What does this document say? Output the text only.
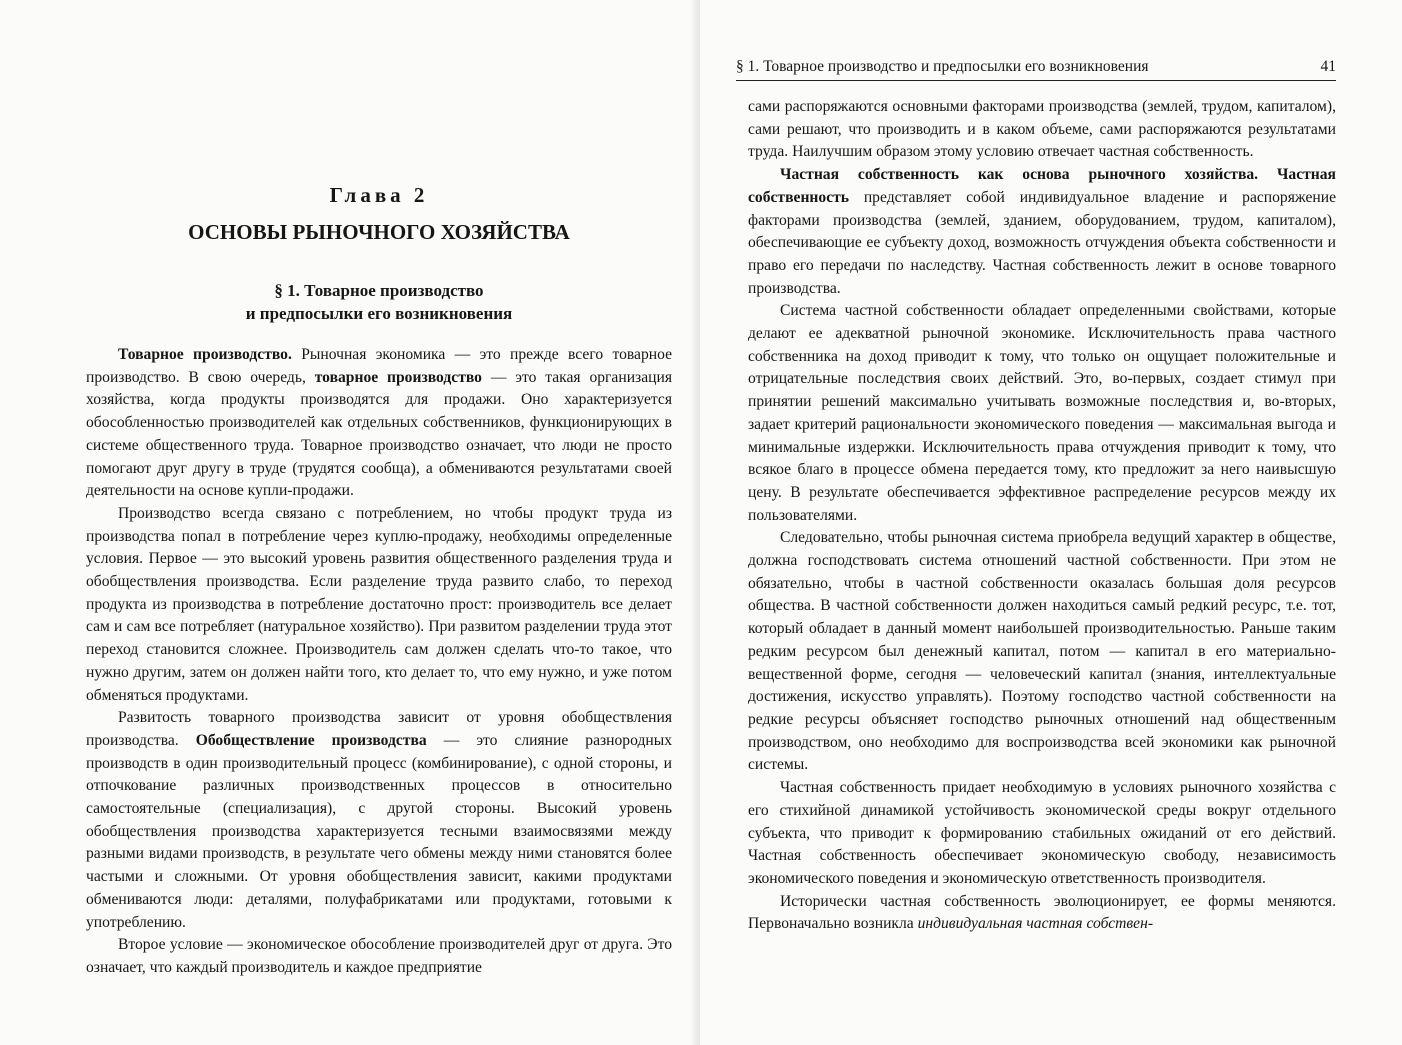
Глава 2
ОСНОВЫ РЫНОЧНОГО ХОЗЯЙСТВА
§ 1. Товарное производство
и предпосылки его возникновения

Товарное производство. Рыночная экономика — это прежде всего товарное производство. В свою очередь, товарное производство — это такая организация хозяйства, когда продукты производятся для продажи. Оно характеризуется обособленностью производителей как отдельных собственников, функционирующих в системе общественного труда. Товарное производство означает, что люди не просто помогают друг другу в труде (трудятся сообща), а обмениваются результатами своей деятельности на основе купли-продажи.

Производство всегда связано с потреблением, но чтобы продукт труда из производства попал в потребление через куплю-продажу, необходимы определенные условия. Первое — это высокий уровень развития общественного разделения труда и обобществления производства. Если разделение труда развито слабо, то переход продукта из производства в потребление достаточно прост: производитель все делает сам и сам все потребляет (натуральное хозяйство). При развитом разделении труда этот переход становится сложнее. Производитель сам должен сделать что-то такое, что нужно другим, затем он должен найти того, кто делает то, что ему нужно, и уже потом обменяться продуктами.

Развитость товарного производства зависит от уровня обобществления производства. Обобществление производства — это слияние разнородных производств в один производительный процесс (комбинирование), с одной стороны, и отпочкование различных производственных процессов в относительно самостоятельные (специализация), с другой стороны. Высокий уровень обобществления производства характеризуется тесными взаимосвязями между разными видами производств, в результате чего обмены между ними становятся более частыми и сложными. От уровня обобществления зависит, какими продуктами обмениваются люди: деталями, полуфабрикатами или продуктами, готовыми к употреблению.

Второе условие — экономическое обособление производителей друг от друга. Это означает, что каждый производитель и каждое предприятие

§ 1. Товарное производство и предпосылки его возникновения	41

сами распоряжаются основными факторами производства (землей, трудом, капиталом), сами решают, что производить и в каком объеме, сами распоряжаются результатами труда. Наилучшим образом этому условию отвечает частная собственность.

Частная собственность как основа рыночного хозяйства. Частная собственность представляет собой индивидуальное владение и распоряжение факторами производства (землей, зданием, оборудованием, трудом, капиталом), обеспечивающие ее субъекту доход, возможность отчуждения объекта собственности и право его передачи по наследству. Частная собственность лежит в основе товарного производства.

Система частной собственности обладает определенными свойствами, которые делают ее адекватной рыночной экономике. Исключительность права частного собственника на доход приводит к тому, что только он ощущает положительные и отрицательные последствия своих действий. Это, во-первых, создает стимул при принятии решений максимально учитывать возможные последствия и, во-вторых, задает критерий рациональности экономического поведения — максимальная выгода и минимальные издержки. Исключительность права отчуждения приводит к тому, что всякое благо в процессе обмена передается тому, кто предложит за него наивысшую цену. В результате обеспечивается эффективное распределение ресурсов между их пользователями.

Следовательно, чтобы рыночная система приобрела ведущий характер в обществе, должна господствовать система отношений частной собственности. При этом не обязательно, чтобы в частной собственности оказалась большая доля ресурсов общества. В частной собственности должен находиться самый редкий ресурс, т.е. тот, который обладает в данный момент наибольшей производительностью. Раньше таким редким ресурсом был денежный капитал, потом — капитал в его материально-вещественной форме, сегодня — человеческий капитал (знания, интеллектуальные достижения, искусство управлять). Поэтому господство частной собственности на редкие ресурсы объясняет господство рыночных отношений над общественным производством, оно необходимо для воспроизводства всей экономики как рыночной системы.

Частная собственность придает необходимую в условиях рыночного хозяйства с его стихийной динамикой устойчивость экономической среды вокруг отдельного субъекта, что приводит к формированию стабильных ожиданий от его действий. Частная собственность обеспечивает экономическую свободу, независимость экономического поведения и экономическую ответственность производителя.

Исторически частная собственность эволюционирует, ее формы меняются. Первоначально возникла индивидуальная частная собствен-
